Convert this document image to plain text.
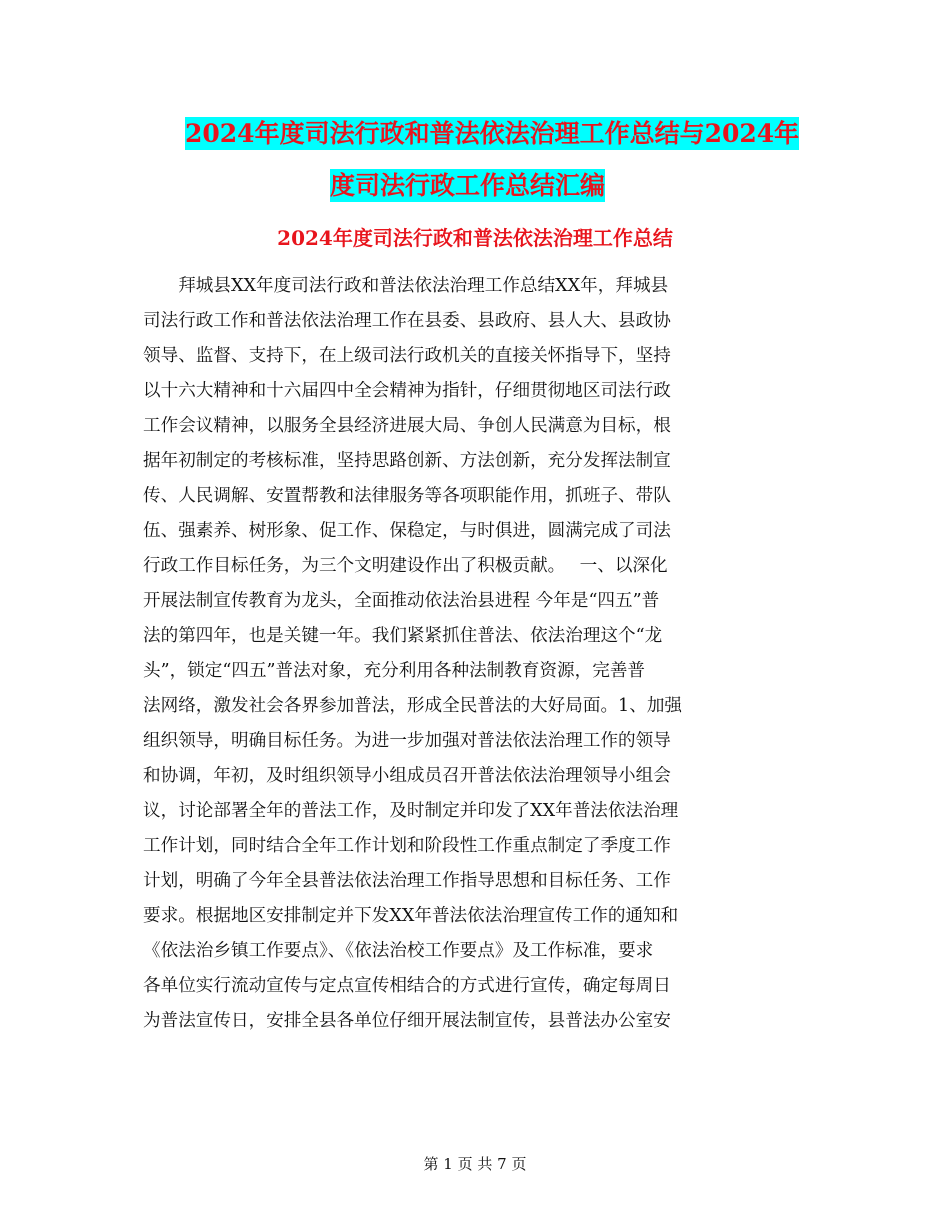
2024年度司法行政和普法依法治理工作总结与2024年
度司法行政工作总结汇编
2024年度司法行政和普法依法治理工作总结
　　拜城县XX年度司法行政和普法依法治理工作总结XX年，拜城县
司法行政工作和普法依法治理工作在县委、县政府、县人大、县政协
领导、监督、支持下，在上级司法行政机关的直接关怀指导下，坚持
以十六大精神和十六届四中全会精神为指针，仔细贯彻地区司法行政
工作会议精神，以服务全县经济进展大局、争创人民满意为目标，根
据年初制定的考核标准，坚持思路创新、方法创新，充分发挥法制宣
传、人民调解、安置帮教和法律服务等各项职能作用，抓班子、带队
伍、强素养、树形象、促工作、保稳定，与时俱进，圆满完成了司法
行政工作目标任务，为三个文明建设作出了积极贡献。　 一、以深化
开展法制宣传教育为龙头，全面推动依法治县进程 今年是“四五”普
法的第四年，也是关键一年。我们紧紧抓住普法、依法治理这个“龙
头”，锁定“四五”普法对象，充分利用各种法制教育资源，完善普
法网络，激发社会各界参加普法，形成全民普法的大好局面。1、加强
组织领导，明确目标任务。为进一步加强对普法依法治理工作的领导
和协调，年初，及时组织领导小组成员召开普法依法治理领导小组会
议，讨论部署全年的普法工作，及时制定并印发了XX年普法依法治理
工作计划，同时结合全年工作计划和阶段性工作重点制定了季度工作
计划，明确了今年全县普法依法治理工作指导思想和目标任务、工作
要求。根据地区安排制定并下发XX年普法依法治理宣传工作的通知和
《依法治乡镇工作要点》、《依法治校工作要点》及工作标准，要求
各单位实行流动宣传与定点宣传相结合的方式进行宣传，确定每周日
为普法宣传日，安排全县各单位仔细开展法制宣传，县普法办公室安
第 1 页 共 7 页
